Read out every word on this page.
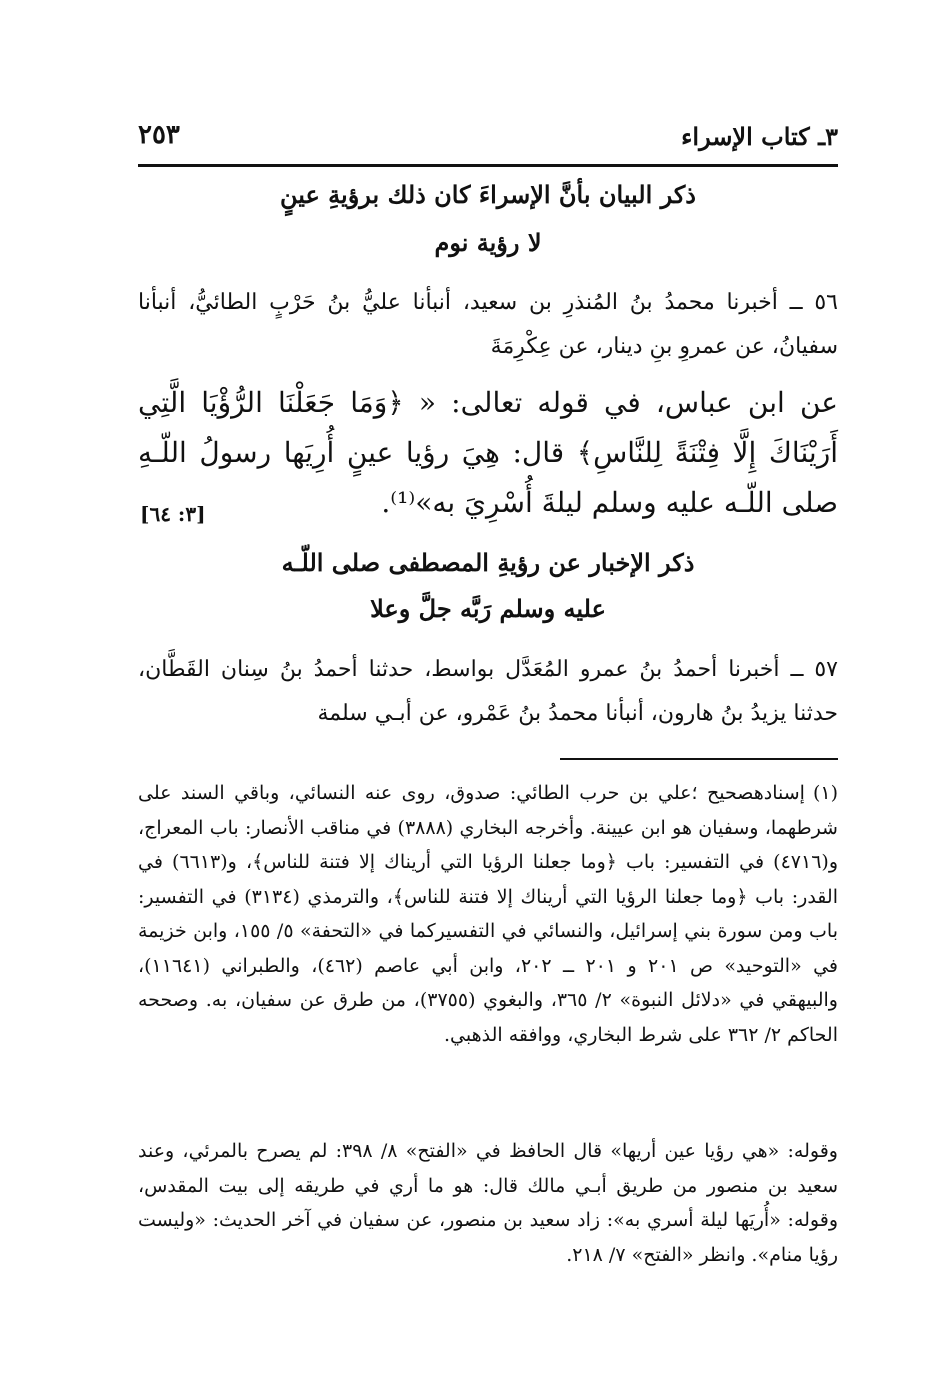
٣ـ كتاب الإسراء
٢٥٣
ذكر البيان بأنَّ الإسراءَ كان ذلك برؤيةِ عينٍ
لا رؤية نوم
٥٦ ــ أخبرنا محمدُ بنُ المُنذرِ بن سعيد، أنبأنا عليُّ بنُ حَرْبٍ الطائيُّ، أنبأنا سفيانُ، عن عمروِ بنِ دينار، عن عِكْرِمَةَ
عن ابن عباس، في قوله تعالى: « ﴿وَمَا جَعَلْنَا الرُّؤْيَا الَّتِي أَرَيْنَاكَ إِلَّا فِتْنَةً لِلنَّاسِ﴾ قال: هِيَ رؤيا عينٍ أُرِيَها رسولُ اللّـهِ صلى اللّـه عليه وسلم ليلةَ أُسْرِيَ به»⁽¹⁾.
[٣: ٦٤]
ذكر الإخبار عن رؤيةِ المصطفى صلى اللّـه
عليه وسلم رَبَّه جلَّ وعلا
٥٧ ــ أخبرنا أحمدُ بنُ عمرو المُعَدَّل بواسط، حدثنا أحمدُ بنُ سِنان القَطَّان، حدثنا يزيدُ بنُ هارون، أنبأنا محمدُ بنُ عَمْرو، عن أبـي سلمة
(١)إسنادهصحيح ؛علي بن حرب الطائي: صدوق، روى عنه النسائي، وباقي السند على شرطهما، وسفيان هو ابن عيينة. وأخرجه البخاري (٣٨٨٨) في مناقب الأنصار: باب المعراج، و(٤٧١٦) في التفسير: باب ﴿وما جعلنا الرؤيا التي أريناك إلا فتنة للناس﴾، و(٦٦١٣) في القدر: باب ﴿وما جعلنا الرؤيا التي أريناك إلا فتنة للناس﴾، والترمذي (٣١٣٤) في التفسير: باب ومن سورة بني إسرائيل، والنسائي في التفسيركما في «التحفة» ٥/ ١٥٥، وابن خزيمة في «التوحيد» ص ٢٠١ و ٢٠١ ــ ٢٠٢، وابن أبي عاصم (٤٦٢)، والطبراني (١١٦٤١)، والبيهقي في «دلائل النبوة» ٢/ ٣٦٥، والبغوي (٣٧٥٥)، من طرق عن سفيان، به. وصححه الحاكم ٢/ ٣٦٢ على شرط البخاري، ووافقه الذهبي.
وقوله: «هي رؤيا عين أريها» قال الحافظ في «الفتح» ٨/ ٣٩٨: لم يصرح بالمرئي، وعند سعيد بن منصور من طريق أبـي مالك قال: هو ما أري في طريقه إلى بيت المقدس، وقوله: «أُريَها ليلة أسري به»: زاد سعيد بن منصور، عن سفيان في آخر الحديث: «وليست رؤيا منام». وانظر «الفتح» ٧/ ٢١٨.
